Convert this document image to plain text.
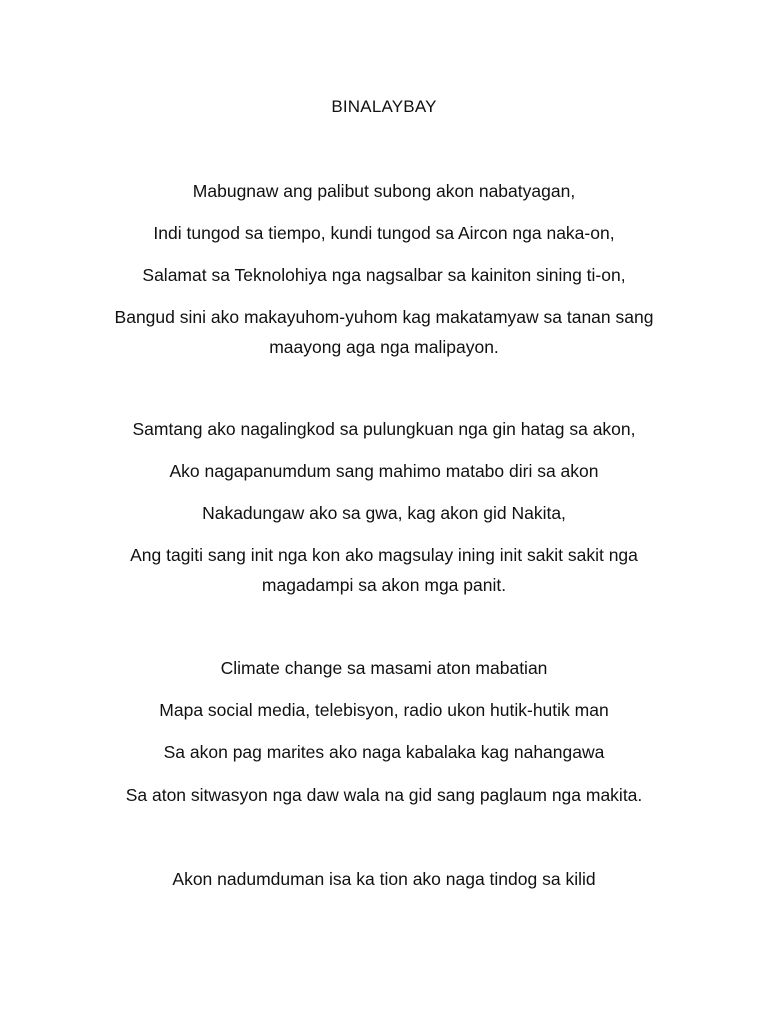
BINALAYBAY
Mabugnaw ang palibut subong akon nabatyagan,
Indi tungod sa tiempo, kundi tungod sa Aircon nga naka-on,
Salamat sa Teknolohiya nga nagsalbar sa kainiton sining ti-on,
Bangud sini ako makayuhom-yuhom kag makatamyaw sa tanan sang maayong aga nga malipayon.
Samtang ako nagalingkod sa pulungkuan nga gin hatag sa akon,
Ako nagapanumdum sang mahimo matabo diri sa akon
Nakadungaw ako sa gwa, kag akon gid Nakita,
Ang tagiti sang init nga kon ako magsulay ining init sakit sakit nga magadampi sa akon mga panit.
Climate change sa masami aton mabatian
Mapa social media, telebisyon, radio ukon hutik-hutik man
Sa akon pag marites ako naga kabalaka kag nahangawa
Sa aton sitwasyon nga daw wala na gid sang paglaum nga makita.
Akon nadumduman isa ka tion ako naga tindog sa kilid
